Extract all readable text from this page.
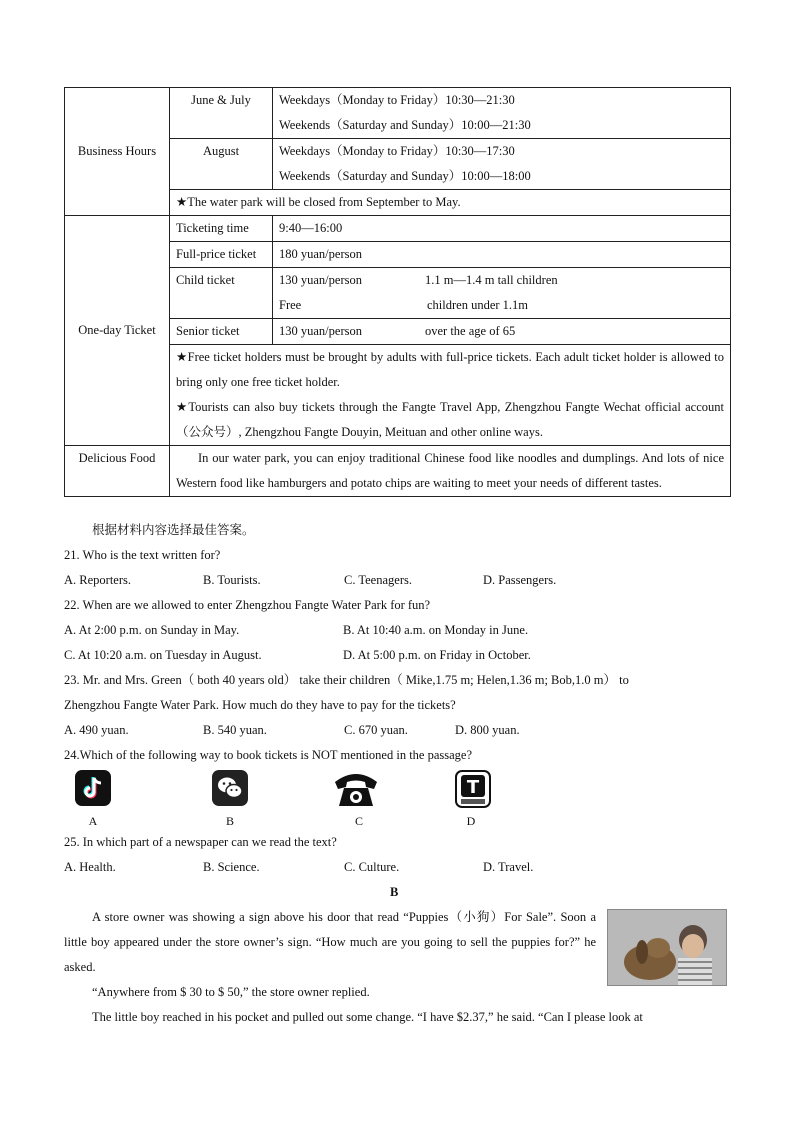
Business Hours	June & July	Weekdays（Monday to Friday）10:30—21:30
		Weekends（Saturday and Sunday）10:00—21:30
	August	Weekdays（Monday to Friday）10:30—17:30
		Weekends（Saturday and Sunday）10:00—18:00
	★The water park will be closed from September to May.	
One-day Ticket	Ticketing time	9:40—16:00
	Full-price ticket	180 yuan/person
	Child ticket	130 yuan/person 1.1 m—1.4 m tall children
		Free children under 1.1m
	Senior ticket	130 yuan/person over the age of 65

	★Free ticket holders must be brought by adults with full-price tickets. Each adult ticket holder is allowed to bring only one free ticket holder.
★Tourists can also buy tickets through the Fangte Travel App, Zhengzhou Fangte Wechat official account（公众号）, Zhengzhou Fangte Douyin, Meituan and other online ways.	

Delicious Food	In our water park, you can enjoy traditional Chinese food like noodles and dumplings. And lots of nice Western food like hamburgers and potato chips are waiting to meet your needs of different tastes.	
根据材料内容选择最佳答案。
21. Who is the text written for?
A. Reporters.	B. Tourists.	C. Teenagers.	D. Passengers.
22. When are we allowed to enter Zhengzhou Fangte Water Park for fun?
A. At 2:00 p.m. on Sunday in May.	B. At 10:40 a.m. on Monday in June.
C. At 10:20 a.m. on Tuesday in August.	D. At 5:00 p.m. on Friday in October.
23. Mr. and Mrs. Green（ both 40 years old） take their children（ Mike,1.75 m; Helen,1.36 m; Bob,1.0 m） to
Zhengzhou Fangte Water Park. How much do they have to pay for the tickets?
A. 490 yuan.	B. 540 yuan.	C. 670 yuan.	D. 800 yuan.
24.Which of the following way to book tickets is NOT mentioned in the passage?
A	B	C
T
D
25. In which part of a newspaper can we read the text?
A. Health.	B. Science.	C. Culture.	D. Travel.
B
A store owner was showing a sign above his door that read “Puppies（小狗）For Sale”. Soon a little boy appeared under the store owner’s sign. “How much are you going to sell the puppies for?” he asked.
“Anywhere from $ 30 to $ 50,” the store owner replied.
The little boy reached in his pocket and pulled out some change. “I have $2.37,” he said. “Can I please look at
